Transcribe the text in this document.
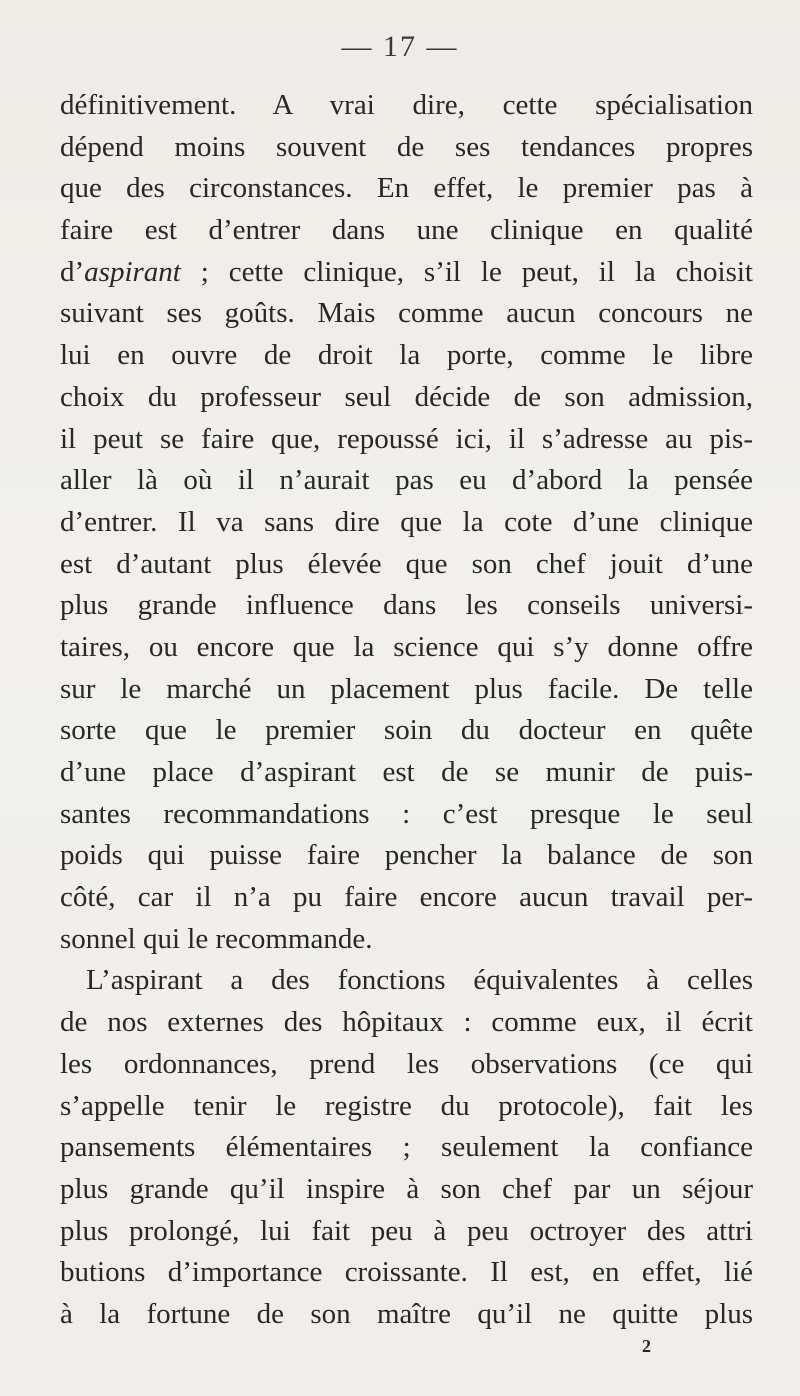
— 17 —
définitivement. A vrai dire, cette spécialisation
dépend moins souvent de ses tendances propres
que des circonstances. En effet, le premier pas à
faire est d’entrer dans une clinique en qualité
d’aspirant ; cette clinique, s’il le peut, il la choisit
suivant ses goûts. Mais comme aucun concours ne
lui en ouvre de droit la porte, comme le libre
choix du professeur seul décide de son admission,
il peut se faire que, repoussé ici, il s’adresse au pis-
aller là où il n’aurait pas eu d’abord la pensée
d’entrer. Il va sans dire que la cote d’une clinique
est d’autant plus élevée que son chef jouit d’une
plus grande influence dans les conseils universi-
taires, ou encore que la science qui s’y donne offre
sur le marché un placement plus facile. De telle
sorte que le premier soin du docteur en quête
d’une place d’aspirant est de se munir de puis-
santes recommandations : c’est presque le seul
poids qui puisse faire pencher la balance de son
côté, car il n’a pu faire encore aucun travail per-
sonnel qui le recommande.
L’aspirant a des fonctions équivalentes à celles
de nos externes des hôpitaux : comme eux, il écrit
les ordonnances, prend les observations (ce qui
s’appelle tenir le registre du protocole), fait les
pansements élémentaires ; seulement la confiance
plus grande qu’il inspire à son chef par un séjour
plus prolongé, lui fait peu à peu octroyer des attri
butions d’importance croissante. Il est, en effet, lié
à la fortune de son maître qu’il ne quitte plus
2
